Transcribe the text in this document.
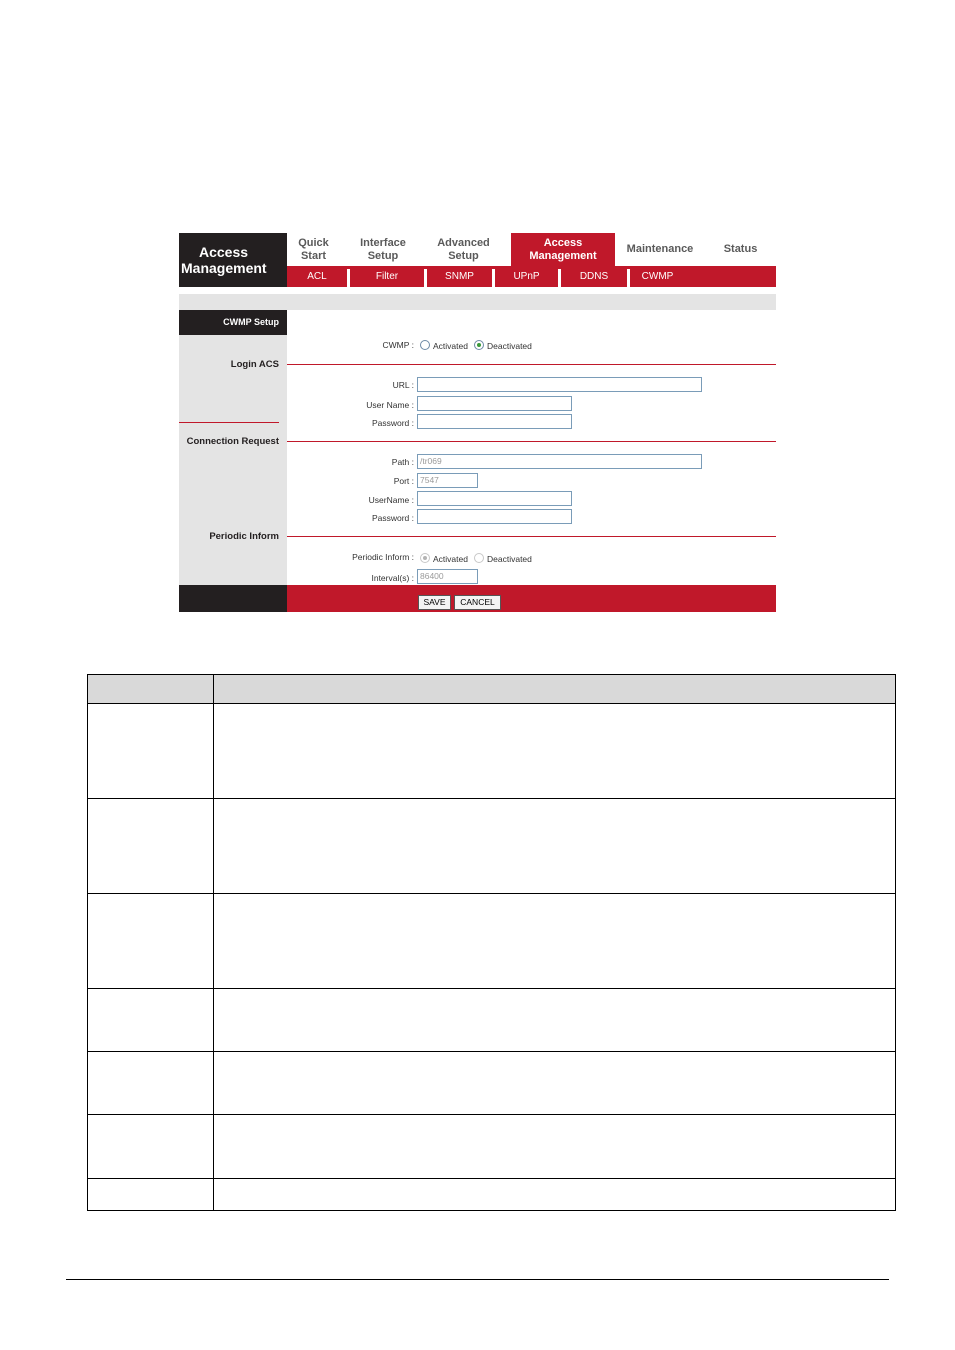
Access
Management
Quick
Start
Interface
Setup
Advanced
Setup
Access
Management
Maintenance	Status
ACL	Filter	SNMP	UPnP	DDNS	CWMP
CWMP Setup
Login ACS
Connection Request
Periodic Inform
CWMP : Activated Deactivated
URL :
User Name :
Password :
Path : /tr069
Port : 7547
UserName :
Password :
Periodic Inform : Activated Deactivated
Interval(s) : 86400
SAVE	CANCEL
